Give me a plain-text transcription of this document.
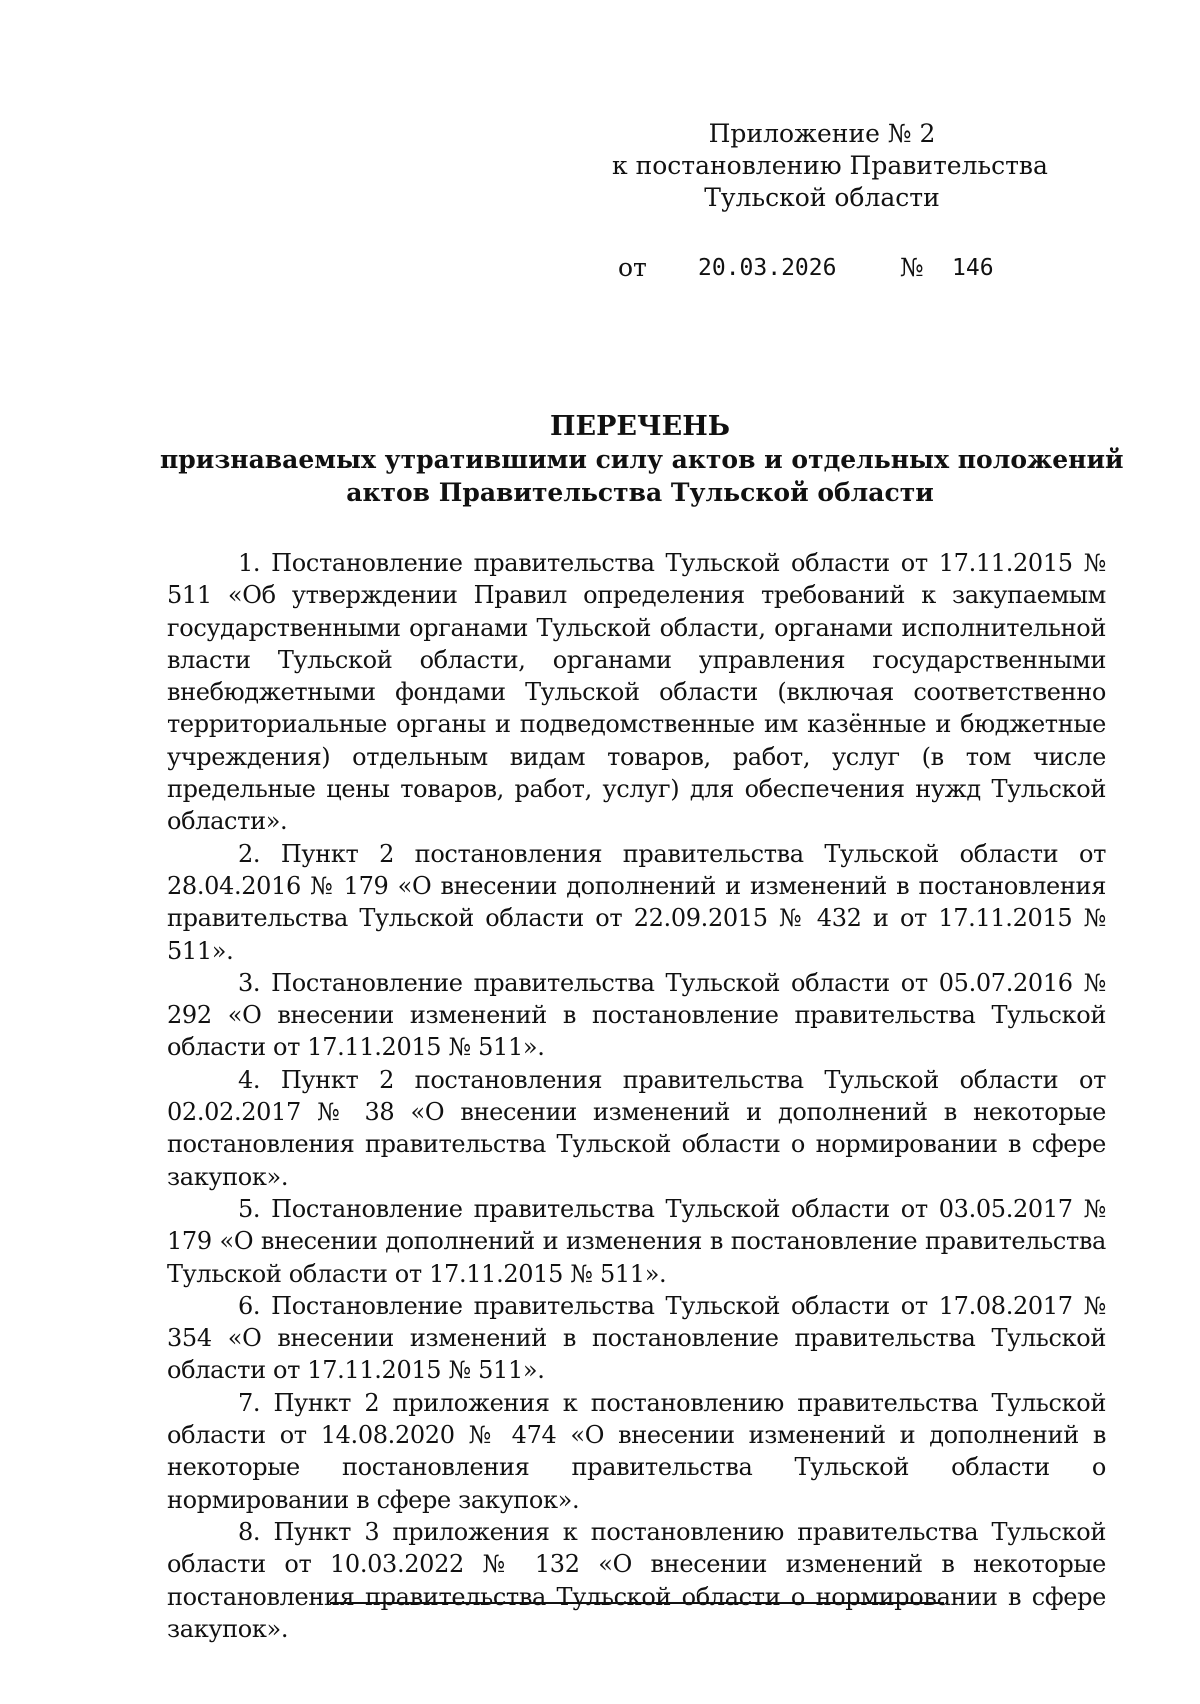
Приложение № 2
к постановлению Правительства
Тульской области
от 20.03.2026	№ 146
ПЕРЕЧЕНЬ
признаваемых утратившими силу актов и отдельных положений
актов Правительства Тульской области

1. Постановление правительства Тульской области от 17.11.2015 № 511 «Об утверждении Правил определения требований к закупаемым государственными органами Тульской области, органами исполнительной власти Тульской области, органами управления государственными внебюджетными фондами Тульской области (включая соответственно территориальные органы и подведомственные им казённые и бюджетные учреждения) отдельным видам товаров, работ, услуг (в том числе предельные цены товаров, работ, услуг) для обеспечения нужд Тульской области».

2. Пункт 2 постановления правительства Тульской области от 28.04.2016 № 179 «О внесении дополнений и изменений в постановления правительства Тульской области от 22.09.2015 № 432 и от 17.11.2015 № 511».

3. Постановление правительства Тульской области от 05.07.2016 № 292 «О внесении изменений в постановление правительства Тульской области от 17.11.2015 № 511».

4. Пункт 2 постановления правительства Тульской области от 02.02.2017 № 38 «О внесении изменений и дополнений в некоторые постановления правительства Тульской области о нормировании в сфере закупок».

5. Постановление правительства Тульской области от 03.05.2017 № 179 «О внесении дополнений и изменения в постановление правительства Тульской области от 17.11.2015 № 511».

6. Постановление правительства Тульской области от 17.08.2017 № 354 «О внесении изменений в постановление правительства Тульской области от 17.11.2015 № 511».

7. Пункт 2 приложения к постановлению правительства Тульской области от 14.08.2020 № 474 «О внесении изменений и дополнений в некоторые постановления правительства Тульской области о нормировании в сфере закупок».

8. Пункт 3 приложения к постановлению правительства Тульской области от 10.03.2022 № 132 «О внесении изменений в некоторые постановления правительства Тульской области о нормировании в сфере закупок».
